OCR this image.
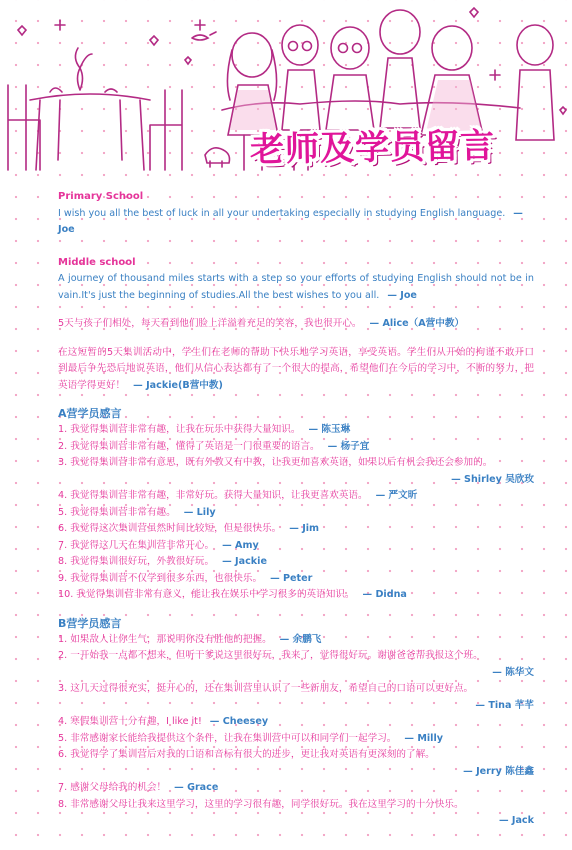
老师及学员留言
Primary School

I wish you all the best of luck in all your undertaking especially in studying English language. — Joe

Middle school

A journey of thousand miles starts with a step so your efforts of studying English should not be in vain.It's just the beginning of studies.All the best wishes to you all. — Joe

5天与孩子们相处，每天看到他们脸上洋溢着充足的笑容，我也很开心。 — Alice（A营中教）

在这短暂的5天集训活动中，学生们在老师的帮助下快乐地学习英语，享受英语。学生们从开始的拘谨不敢开口到最后争先恐后地说英语，他们从信心表达都有了一个很大的提高，希望他们在今后的学习中，不断的努力，把英语学得更好！ — Jackie(B营中教)

A营学员感言

1. 我觉得集训营非常有趣，让我在玩乐中获得大量知识。 — 陈玉琳

2. 我觉得集训营非常有趣，懂得了英语是一门很重要的语言。 — 杨子宜

3. 我觉得集训营非常有意思，既有外教又有中教，让我更加喜欢英语，如果以后有机会我还会参加的。

— Shirley 吴欣玫

4. 我觉得集训营非常有趣，非常好玩。获得大量知识，让我更喜欢英语。 — 严文昕

5. 我觉得集训营非常有趣。 — Lily

6. 我觉得这次集训营虽然时间比较短，但是很快乐。 — Jim

7. 我觉得这几天在集训营非常开心。 — Amy

8. 我觉得集训很好玩，外教很好玩。 — Jackie

9. 我觉得集训营不仅学到很多东西，也很快乐。 — Peter

10. 我觉得集训营非常有意义，能让我在娱乐中学习很多的英语知识。 — Didna

B营学员感言

1. 如果敌人让你生气，那说明你没有胜他的把握。 — 余鹏飞

2. 一开始我一点都不想来，但听干爹说这里很好玩，我来了，觉得很好玩。谢谢爸爸帮我报这个班。

— 陈华文

3. 这几天过得很充实，挺开心的，还在集训营里认识了一些新朋友，希望自己的口语可以更好点。

— Tina 芊芊

4. 寒假集训营十分有趣，I like it! — Cheesey

5. 非常感谢家长能给我提供这个条件，让我在集训营中可以和同学们一起学习。 — Milly

6. 我觉得学了集训营后对我的口语和音标有很大的进步，更让我对英语有更深刻的了解。

— Jerry 陈佳鑫

7. 感谢父母给我的机会！ — Grace

8. 非常感谢父母让我来这里学习，这里的学习很有趣，同学很好玩。我在这里学习的十分快乐。

— Jack
